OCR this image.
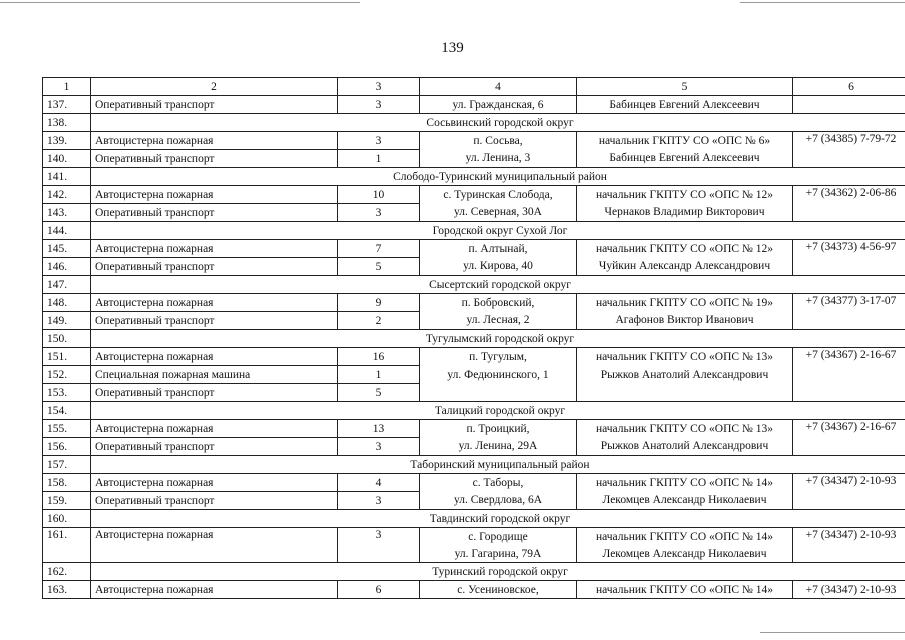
139
1	2	3	4	5	6
137.	Оперативный транспорт	3	ул. Гражданская, 6	Бабинцев Евгений Алексеевич	
138.	Сосьвинский городской округ				
139.	Автоцистерна пожарная	3	п. Сосьва,	начальник ГКПТУ СО «ОПС № 6»	+7 (34385) 7-79-72
140.	Оперативный транспорт	1	ул. Ленина, 3	Бабинцев Евгений Алексеевич	
141.	Слободо-Туринский муниципальный район				
142.	Автоцистерна пожарная	10	с. Туринская Слобода,	начальник ГКПТУ СО «ОПС № 12»	+7 (34362) 2-06-86
143.	Оперативный транспорт	3	ул. Северная, 30А	Чернаков Владимир Викторович	
144.	Городской округ Сухой Лог				
145.	Автоцистерна пожарная	7	п. Алтынай,	начальник ГКПТУ СО «ОПС № 12»	+7 (34373) 4-56-97
146.	Оперативный транспорт	5	ул. Кирова, 40	Чуйкин Александр Александрович	
147.	Сысертский городской округ				
148.	Автоцистерна пожарная	9	п. Бобровский,	начальник ГКПТУ СО «ОПС № 19»	+7 (34377) 3-17-07
149.	Оперативный транспорт	2	ул. Лесная, 2	Агафонов Виктор Иванович	
150.	Тугулымский городской округ				
151.	Автоцистерна пожарная	16	п. Тугулым,	начальник ГКПТУ СО «ОПС № 13»	+7 (34367) 2-16-67
152.	Специальная пожарная машина	1	ул. Федюнинского, 1	Рыжков Анатолий Александрович	
153.	Оперативный транспорт	5			
154.	Талицкий городской округ				
155.	Автоцистерна пожарная	13	п. Троицкий,	начальник ГКПТУ СО «ОПС № 13»	+7 (34367) 2-16-67
156.	Оперативный транспорт	3	ул. Ленина, 29А	Рыжков Анатолий Александрович	
157.	Таборинский муниципальный район				
158.	Автоцистерна пожарная	4	с. Таборы,	начальник ГКПТУ СО «ОПС № 14»	+7 (34347) 2-10-93
159.	Оперативный транспорт	3	ул. Свердлова, 6А	Лекомцев Александр Николаевич	
160.	Тавдинский городской округ				
161.	Автоцистерна пожарная	3	с. Городище	начальник ГКПТУ СО «ОПС № 14»	+7 (34347) 2-10-93
			ул. Гагарина, 79А	Лекомцев Александр Николаевич	
162.	Туринский городской округ				
163.	Автоцистерна пожарная	6	с. Усениновское,	начальник ГКПТУ СО «ОПС № 14»	+7 (34347) 2-10-93
